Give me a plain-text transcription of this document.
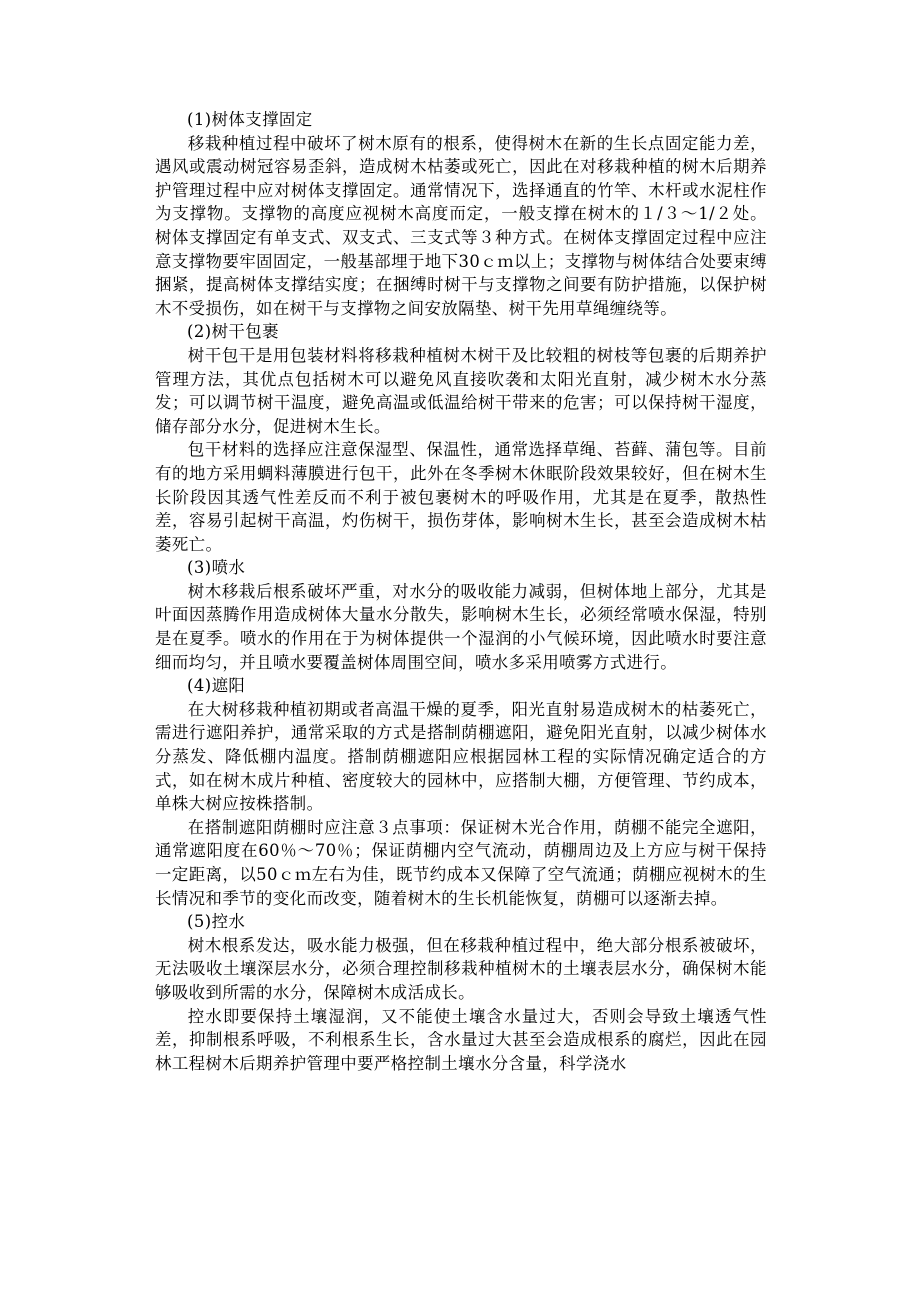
(1)树体支撑固定

移栽种植过程中破坏了树木原有的根系，使得树木在新的生长点固定能力差，遇风或震动树冠容易歪斜，造成树木枯萎或死亡，因此在对移栽种植的树木后期养护管理过程中应对树体支撑固定。通常情况下，选择通直的竹竿、木杆或水泥柱作为支撑物。支撑物的高度应视树木高度而定，一般支撑在树木的１/３～1/２处。树体支撑固定有单支式、双支式、三支式等３种方式。在树体支撑固定过程中应注意支撑物要牢固固定，一般基部埋于地下30ｃｍ以上；支撑物与树体结合处要束缚捆紧，提高树体支撑结实度；在捆缚时树干与支撑物之间要有防护措施，以保护树木不受损伤，如在树干与支撑物之间安放隔垫、树干先用草绳缠绕等。

(2)树干包裹

树干包干是用包装材料将移栽种植树木树干及比较粗的树枝等包裹的后期养护管理方法，其优点包括树木可以避免风直接吹袭和太阳光直射，减少树木水分蒸发；可以调节树干温度，避免高温或低温给树干带来的危害；可以保持树干湿度，储存部分水分，促进树木生长。

包干材料的选择应注意保湿型、保温性，通常选择草绳、苔藓、蒲包等。目前有的地方采用蜩料薄膜进行包干，此外在冬季树木休眠阶段效果较好，但在树木生长阶段因其透气性差反而不利于被包裹树木的呼吸作用，尤其是在夏季，散热性差，容易引起树干高温，灼伤树干，损伤芽体，影响树木生长，甚至会造成树木枯萎死亡。

(3)喷水

树木移栽后根系破坏严重，对水分的吸收能力减弱，但树体地上部分，尤其是叶面因蒸腾作用造成树体大量水分散失，影响树木生长，必须经常喷水保湿，特别是在夏季。喷水的作用在于为树体提供一个湿润的小气候环境，因此喷水时要注意细而均匀，并且喷水要覆盖树体周围空间，喷水多采用喷雾方式进行。

(4)遮阳

在大树移栽种植初期或者高温干燥的夏季，阳光直射易造成树木的枯萎死亡，需进行遮阳养护，通常采取的方式是搭制荫棚遮阳，避免阳光直射，以减少树体水分蒸发、降低棚内温度。搭制荫棚遮阳应根据园林工程的实际情况确定适合的方式，如在树木成片种植、密度较大的园林中，应搭制大棚，方便管理、节约成本，单株大树应按株搭制。

在搭制遮阳荫棚时应注意３点事项：保证树木光合作用，荫棚不能完全遮阳，通常遮阳度在60％～70％；保证荫棚内空气流动，荫棚周边及上方应与树干保持一定距离，以50ｃｍ左右为佳，既节约成本又保障了空气流通；荫棚应视树木的生长情况和季节的变化而改变，随着树木的生长机能恢复，荫棚可以逐渐去掉。

(5)控水

树木根系发达，吸水能力极强，但在移栽种植过程中，绝大部分根系被破坏，无法吸收土壤深层水分，必须合理控制移栽种植树木的土壤表层水分，确保树木能够吸收到所需的水分，保障树木成活成长。

控水即要保持土壤湿润，又不能使土壤含水量过大，否则会导致土壤透气性差，抑制根系呼吸，不利根系生长，含水量过大甚至会造成根系的腐烂，因此在园林工程树木后期养护管理中要严格控制土壤水分含量，科学浇水
